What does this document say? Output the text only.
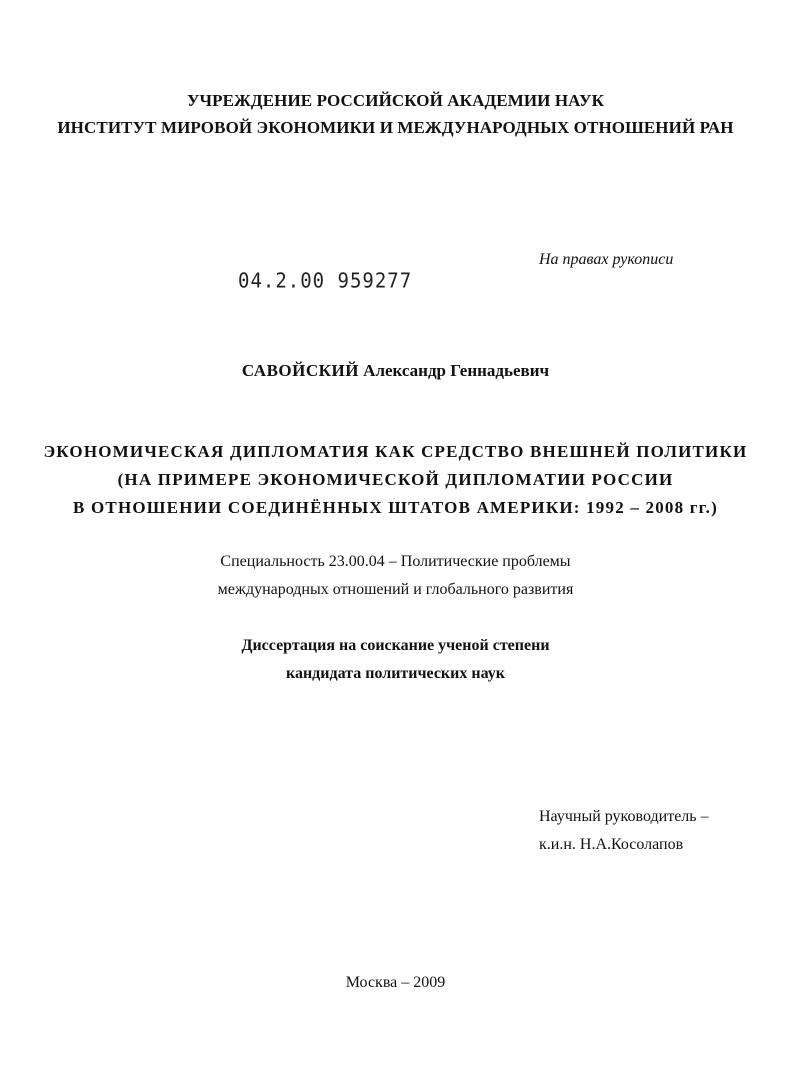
УЧРЕЖДЕНИЕ РОССИЙСКОЙ АКАДЕМИИ НАУК
ИНСТИТУТ МИРОВОЙ ЭКОНОМИКИ И МЕЖДУНАРОДНЫХ ОТНОШЕНИЙ РАН
На правах рукописи
04.2.00 959277
САВОЙСКИЙ Александр Геннадьевич
ЭКОНОМИЧЕСКАЯ ДИПЛОМАТИЯ КАК СРЕДСТВО ВНЕШНЕЙ ПОЛИТИКИ
(НА ПРИМЕРЕ ЭКОНОМИЧЕСКОЙ ДИПЛОМАТИИ РОССИИ
В ОТНОШЕНИИ СОЕДИНЁННЫХ ШТАТОВ АМЕРИКИ: 1992 – 2008 гг.)
Специальность 23.00.04 – Политические проблемы
международных отношений и глобального развития
Диссертация на соискание ученой степени
кандидата политических наук
Научный руководитель –
к.и.н. Н.А.Косолапов
Москва – 2009
